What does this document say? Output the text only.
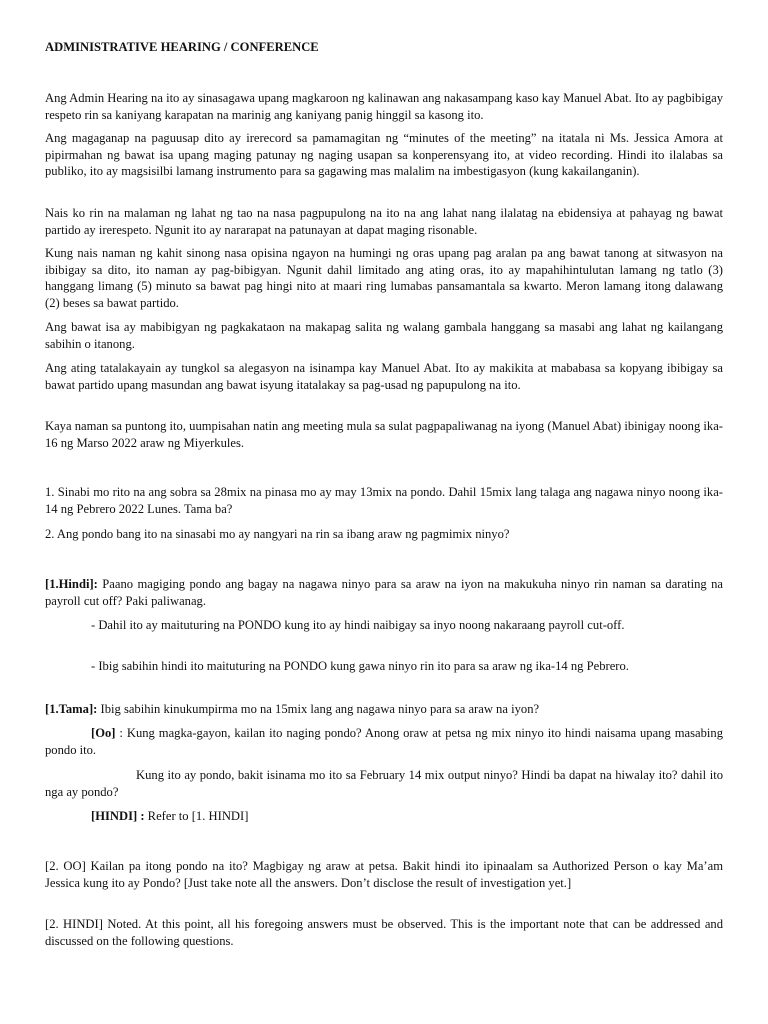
ADMINISTRATIVE HEARING / CONFERENCE
Ang Admin Hearing na ito ay sinasagawa upang magkaroon ng kalinawan ang nakasampang kaso kay Manuel Abat. Ito ay pagbibigay respeto rin sa kaniyang karapatan na marinig ang kaniyang panig hinggil sa kasong ito.
Ang magaganap na paguusap dito ay irerecord sa pamamagitan ng “minutes of the meeting” na itatala ni Ms. Jessica Amora at pipirmahan ng bawat isa upang maging patunay ng naging usapan sa konperensyang ito, at video recording. Hindi ito ilalabas sa publiko, ito ay magsisilbi lamang instrumento para sa gagawing mas malalim na imbestigasyon (kung kakailanganin).
Nais ko rin na malaman ng lahat ng tao na nasa pagpupulong na ito na ang lahat nang ilalatag na ebidensiya at pahayag ng bawat partido ay irerespeto. Ngunit ito ay nararapat na patunayan at dapat maging risonable.
Kung nais naman ng kahit sinong nasa opisina ngayon na humingi ng oras upang pag aralan pa ang bawat tanong at sitwasyon na ibibigay sa dito, ito naman ay pag-bibigyan. Ngunit dahil limitado ang ating oras, ito ay mapahihintulutan lamang ng tatlo (3) hanggang limang (5) minuto sa bawat pag hingi nito at maari ring lumabas pansamantala sa kwarto. Meron lamang itong dalawang (2) beses sa bawat partido.
Ang bawat isa ay mabibigyan ng pagkakataon na makapag salita ng walang gambala hanggang sa masabi ang lahat ng kailangang sabihin o itanong.
Ang ating tatalakayain ay tungkol sa alegasyon na isinampa kay Manuel Abat. Ito ay makikita at mababasa sa kopyang ibibigay sa bawat partido upang masundan ang bawat isyung itatalakay sa pag-usad ng papupulong na ito.
Kaya naman sa puntong ito, uumpisahan natin ang meeting mula sa sulat pagpapaliwanag na iyong (Manuel Abat) ibinigay noong ika-16 ng Marso 2022 araw ng Miyerkules.
1. Sinabi mo rito na ang sobra sa 28mix na pinasa mo ay may 13mix na pondo. Dahil 15mix lang talaga ang nagawa ninyo noong ika-14 ng Pebrero 2022 Lunes. Tama ba?
2. Ang pondo bang ito na sinasabi mo ay nangyari na rin sa ibang araw ng pagmimix ninyo?
[1.Hindi]: Paano magiging pondo ang bagay na nagawa ninyo para sa araw na iyon na makukuha ninyo rin naman sa darating na payroll cut off? Paki paliwanag.
- Dahil ito ay maituturing na PONDO kung ito ay hindi naibigay sa inyo noong nakaraang payroll cut-off.
- Ibig sabihin hindi ito maituturing na PONDO kung gawa ninyo rin ito para sa araw ng ika-14 ng Pebrero.
[1.Tama]: Ibig sabihin kinukumpirma mo na 15mix lang ang nagawa ninyo para sa araw na iyon?
[Oo] : Kung magka-gayon, kailan ito naging pondo? Anong oraw at petsa ng mix ninyo ito hindi naisama upang masabing pondo ito.
Kung ito ay pondo, bakit isinama mo ito sa February 14 mix output ninyo? Hindi ba dapat na hiwalay ito? dahil ito nga ay pondo?
[HINDI] : Refer to [1. HINDI]
[2. OO] Kailan pa itong pondo na ito? Magbigay ng araw at petsa. Bakit hindi ito ipinaalam sa Authorized Person o kay Ma’am Jessica kung ito ay Pondo? [Just take note all the answers. Don’t disclose the result of investigation yet.]
[2. HINDI] Noted. At this point, all his foregoing answers must be observed. This is the important note that can be addressed and discussed on the following questions.
